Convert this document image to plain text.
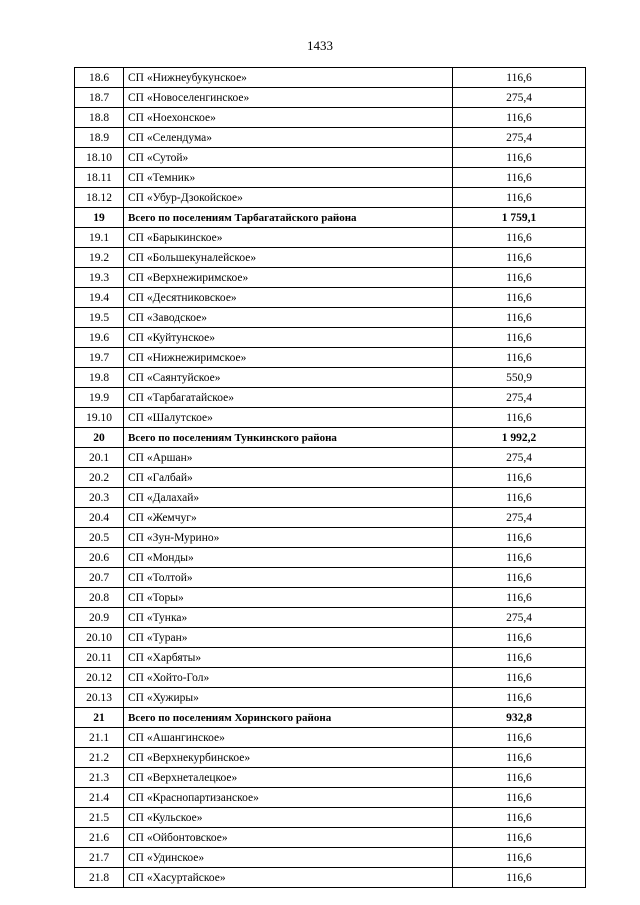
1433
18.6	СП «Нижнеубукунское»	116,6
18.7	СП «Новоселенгинское»	275,4
18.8	СП «Ноехонское»	116,6
18.9	СП «Селендума»	275,4
18.10	СП «Сутой»	116,6
18.11	СП «Темник»	116,6
18.12	СП «Убур-Дзокойское»	116,6
19	Всего по поселениям Тарбагатайского района	1 759,1
19.1	СП «Барыкинское»	116,6
19.2	СП «Большекуналейское»	116,6
19.3	СП «Верхнежиримское»	116,6
19.4	СП «Десятниковское»	116,6
19.5	СП «Заводское»	116,6
19.6	СП «Куйтунское»	116,6
19.7	СП «Нижнежиримское»	116,6
19.8	СП «Саянтуйское»	550,9
19.9	СП «Тарбагатайское»	275,4
19.10	СП «Шалутское»	116,6
20	Всего по поселениям Тункинского района	1 992,2
20.1	СП «Аршан»	275,4
20.2	СП «Галбай»	116,6
20.3	СП «Далахай»	116,6
20.4	СП «Жемчуг»	275,4
20.5	СП «Зун-Мурино»	116,6
20.6	СП «Монды»	116,6
20.7	СП «Толтой»	116,6
20.8	СП «Торы»	116,6
20.9	СП «Тунка»	275,4
20.10	СП «Туран»	116,6
20.11	СП «Харбяты»	116,6
20.12	СП «Хойто-Гол»	116,6
20.13	СП «Хужиры»	116,6
21	Всего по поселениям Хоринского района	932,8
21.1	СП «Ашангинское»	116,6
21.2	СП «Верхнекурбинское»	116,6
21.3	СП «Верхнеталецкое»	116,6
21.4	СП «Краснопартизанское»	116,6
21.5	СП «Кульское»	116,6
21.6	СП «Ойбонтовское»	116,6
21.7	СП «Удинское»	116,6
21.8	СП «Хасуртайское»	116,6
